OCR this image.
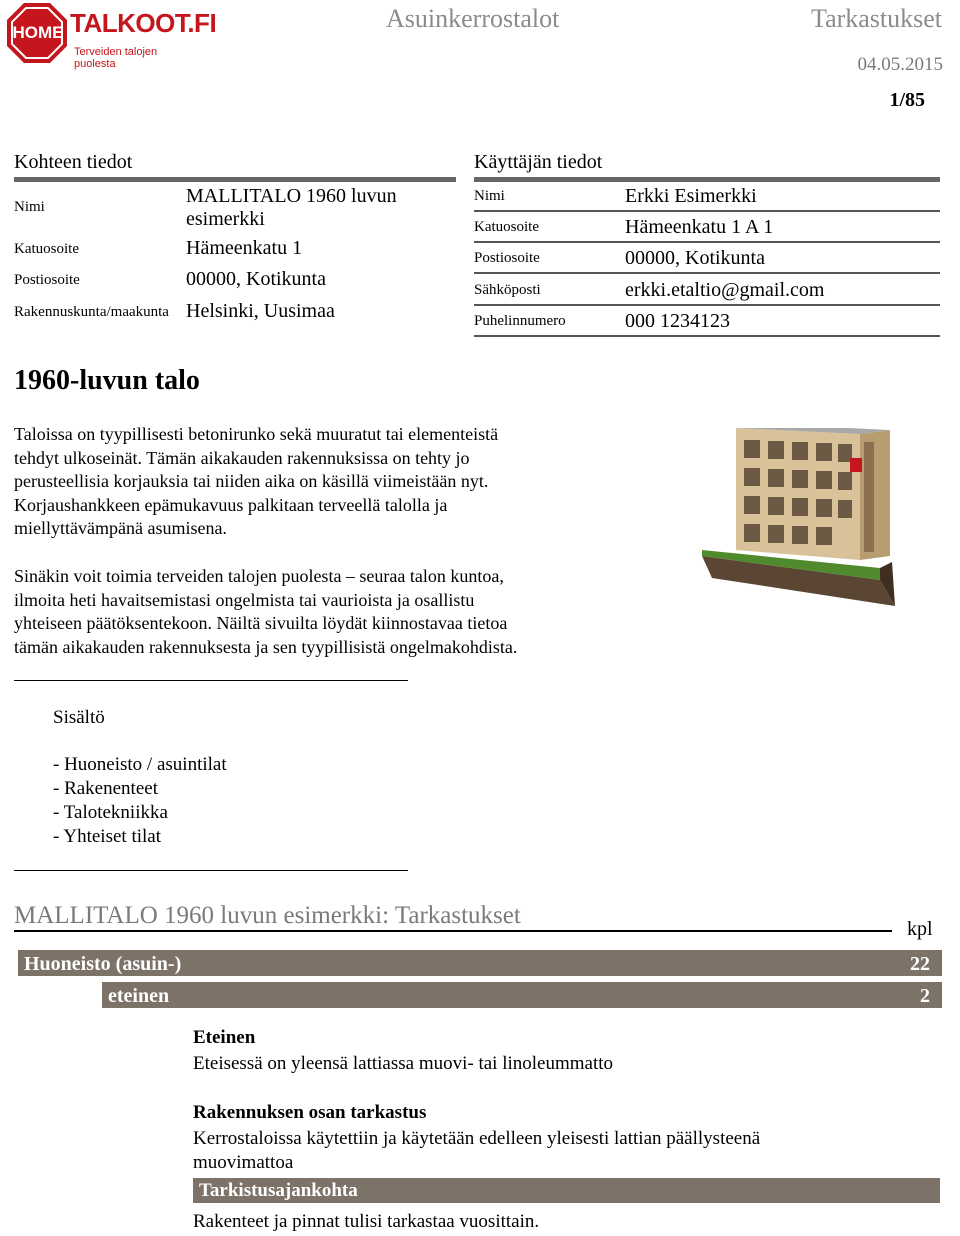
HOME TALKOOT.FI
Terveiden talojen puolesta
Asuinkerrostalot	Tarkastukset
04.05.2015
1/85
Kohteen tiedot
Nimi	MALLITALO 1960 luvun esimerkki
Katuosoite	Hämeenkatu 1
Postiosoite	00000, Kotikunta
Rakennuskunta/maakunta Helsinki, Uusimaa
Käyttäjän tiedot
Nimi	Erkki Esimerkki
Katuosoite	Hämeenkatu 1 A 1
Postiosoite	00000, Kotikunta
Sähköposti	erkki.etaltio@gmail.com
Puhelinnumero	000 1234123
1960-luvun talo
Taloissa on tyypillisesti betonirunko sekä muuratut tai elementeistä
tehdyt ulkoseinät. Tämän aikakauden rakennuksissa on tehty jo
perusteellisia korjauksia tai niiden aika on käsillä viimeistään nyt.
Korjaushankkeen epämukavuus palkitaan terveellä talolla ja
miellyttävämpänä asumisena.
Sinäkin voit toimia terveiden talojen puolesta – seuraa talon kuntoa,
ilmoita heti havaitsemistasi ongelmista tai vaurioista ja osallistu
yhteiseen päätöksentekoon. Näiltä sivuilta löydät kiinnostavaa tietoa
tämän aikakauden rakennuksesta ja sen tyypillisistä ongelmakohdista.
Sisältö
- Huoneisto / asuintilat
- Rakenenteet
- Talotekniikka
- Yhteiset tilat
MALLITALO 1960 luvun esimerkki: Tarkastukset	kpl
Huoneisto (asuin-)	22
eteinen	2
Eteinen
Eteisessä on yleensä lattiassa muovi- tai linoleummatto
Rakennuksen osan tarkastus
Kerrostaloissa käytettiin ja käytetään edelleen yleisesti lattian päällysteenä
muovimattoa
Tarkistusajankohta
Rakenteet ja pinnat tulisi tarkastaa vuosittain.
